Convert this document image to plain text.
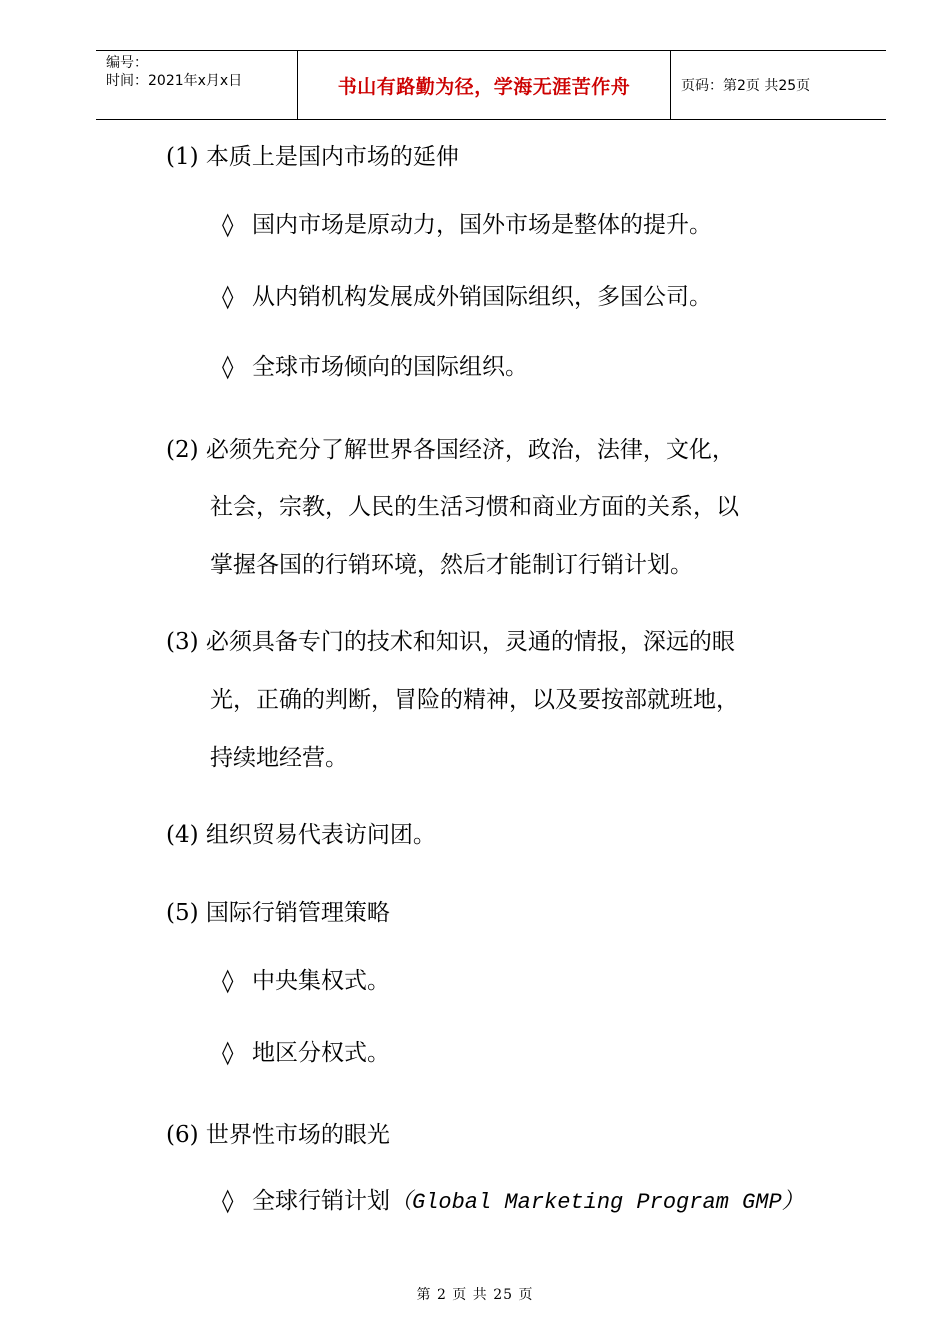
编号：
时间：2021年x月x日	书山有路勤为径，学海无涯苦作舟	页码：第2页 共25页
(1) 本质上是国内市场的延伸
◊ 国内市场是原动力，国外市场是整体的提升。
◊ 从内销机构发展成外销国际组织，多国公司。
◊ 全球市场倾向的国际组织。
(2) 必须先充分了解世界各国经济，政治，法律，文化，
社会，宗教，人民的生活习惯和商业方面的关系，以
掌握各国的行销环境，然后才能制订行销计划。
(3) 必须具备专门的技术和知识，灵通的情报，深远的眼
光，正确的判断，冒险的精神，以及要按部就班地，
持续地经营。
(4) 组织贸易代表访问团。
(5) 国际行销管理策略
◊ 中央集权式。
◊ 地区分权式。
(6) 世界性市场的眼光
◊ 全球行销计划（Global Marketing Program GMP）
第 2 页 共 25 页
